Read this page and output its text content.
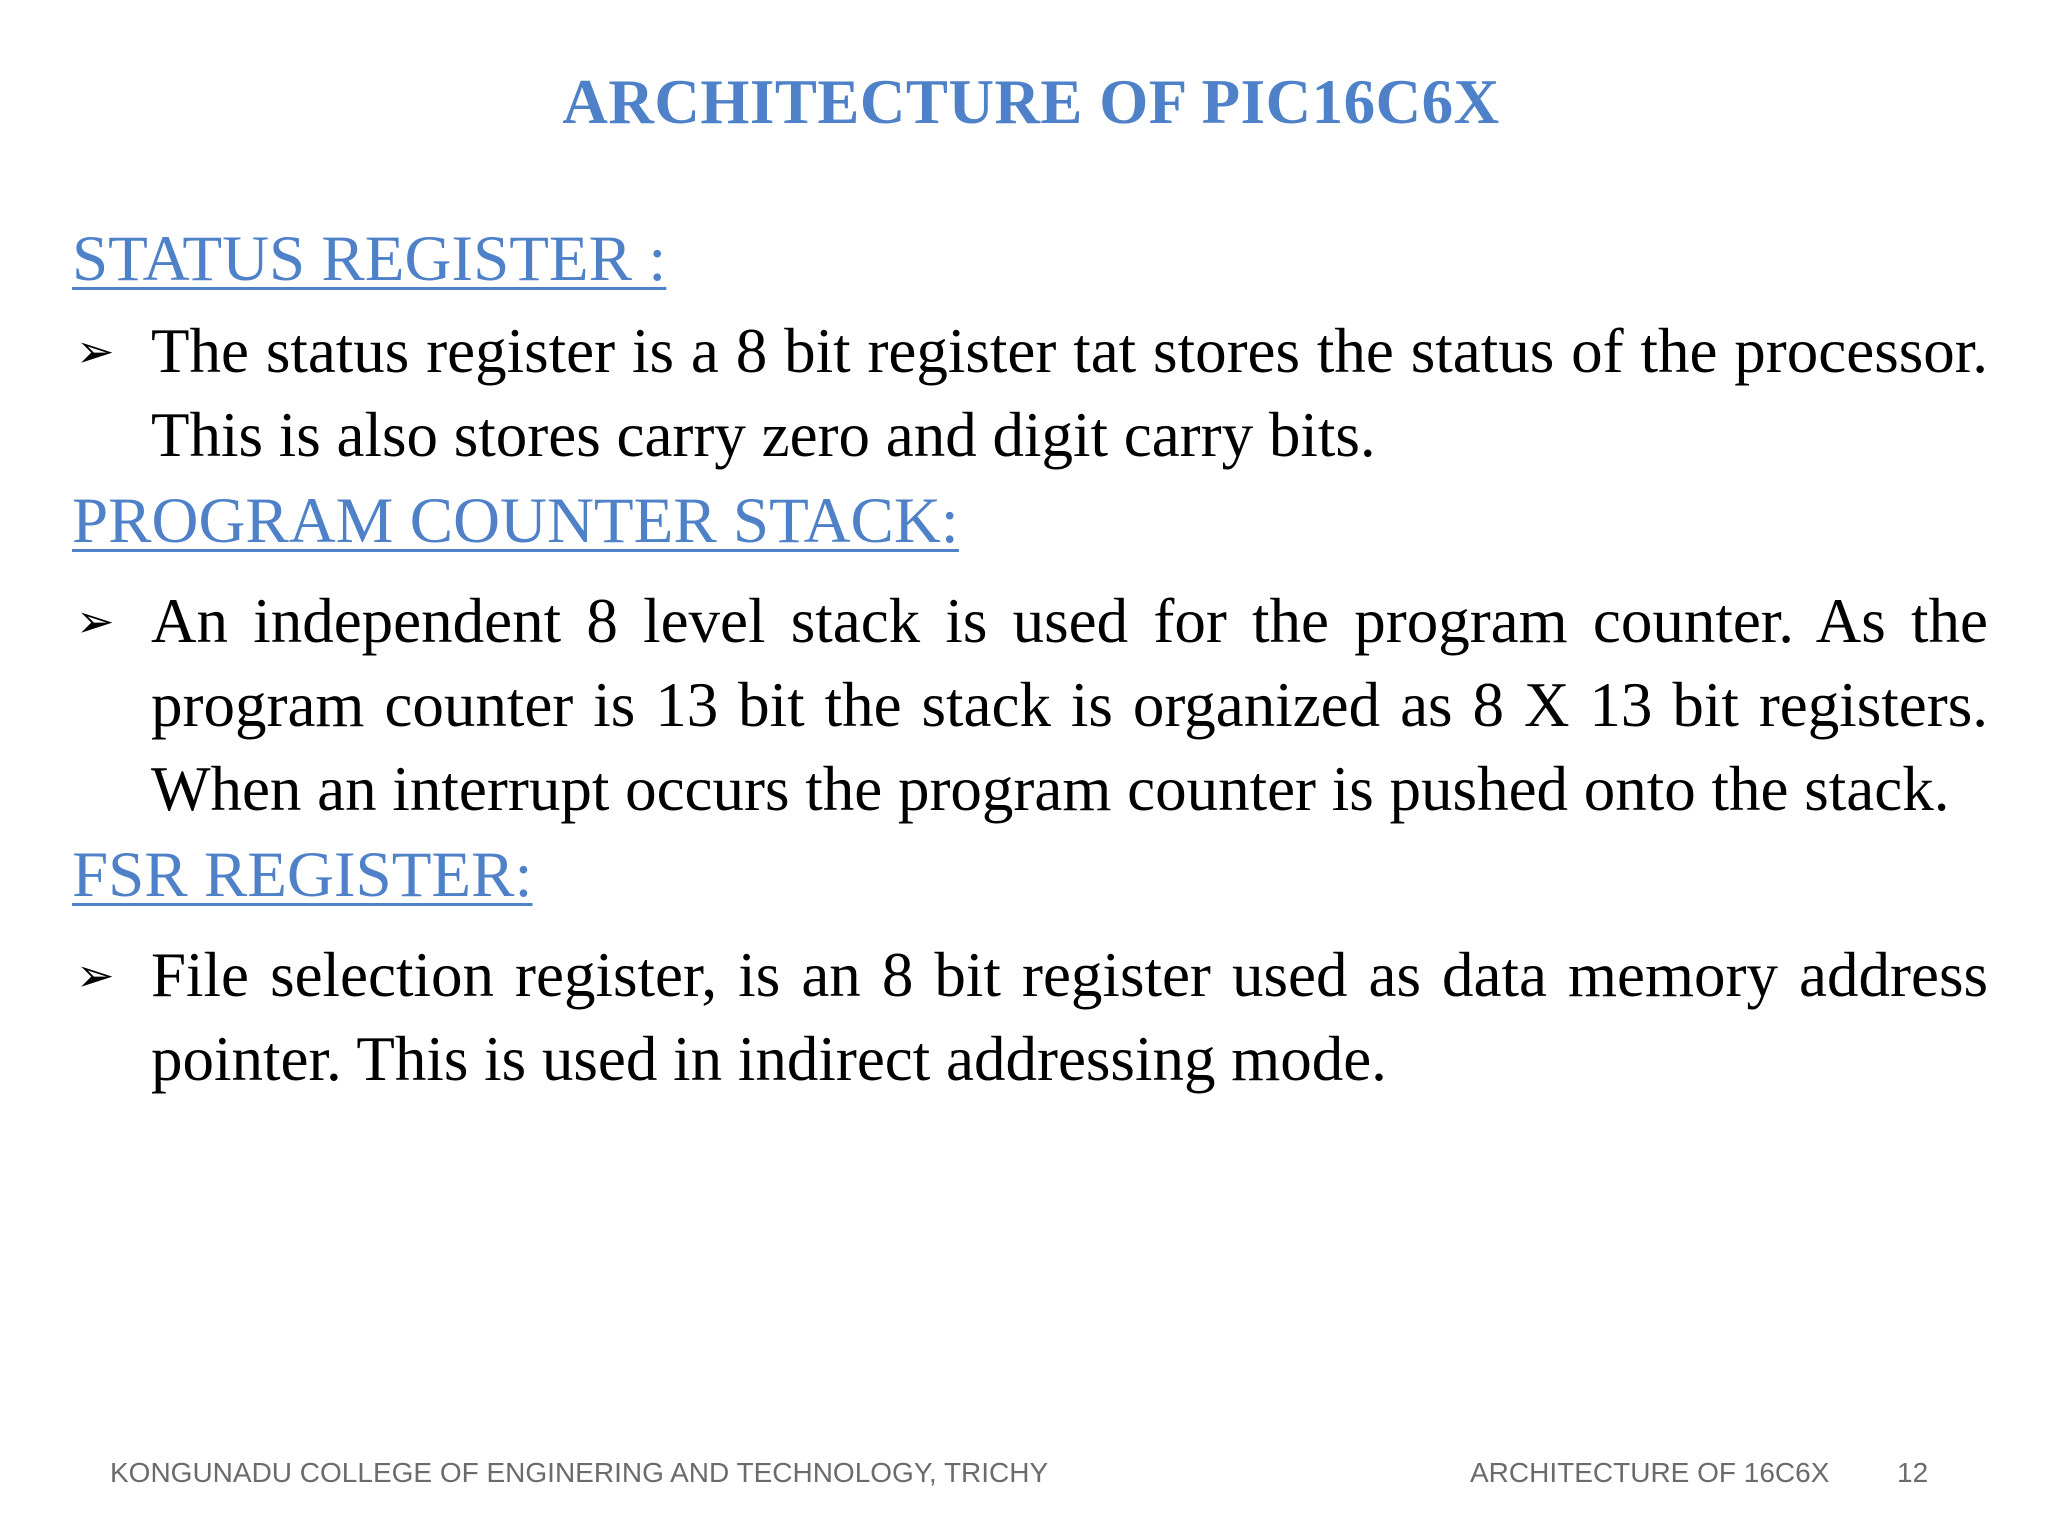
ARCHITECTURE OF PIC16C6X
STATUS REGISTER :
➢ The status register is a 8 bit register tat stores the status of the processor. This is also stores carry zero and digit carry bits.
PROGRAM COUNTER STACK:
➢ An independent 8 level stack is used for the program counter. As the program counter is 13 bit the stack is organized as 8 X 13 bit registers. When an interrupt occurs the program counter is pushed onto the stack.
FSR REGISTER:
➢ File selection register, is an 8 bit register used as data memory address pointer. This is used in indirect addressing mode.
KONGUNADU COLLEGE OF ENGINERING AND TECHNOLOGY, TRICHY	ARCHITECTURE OF 16C6X 12
